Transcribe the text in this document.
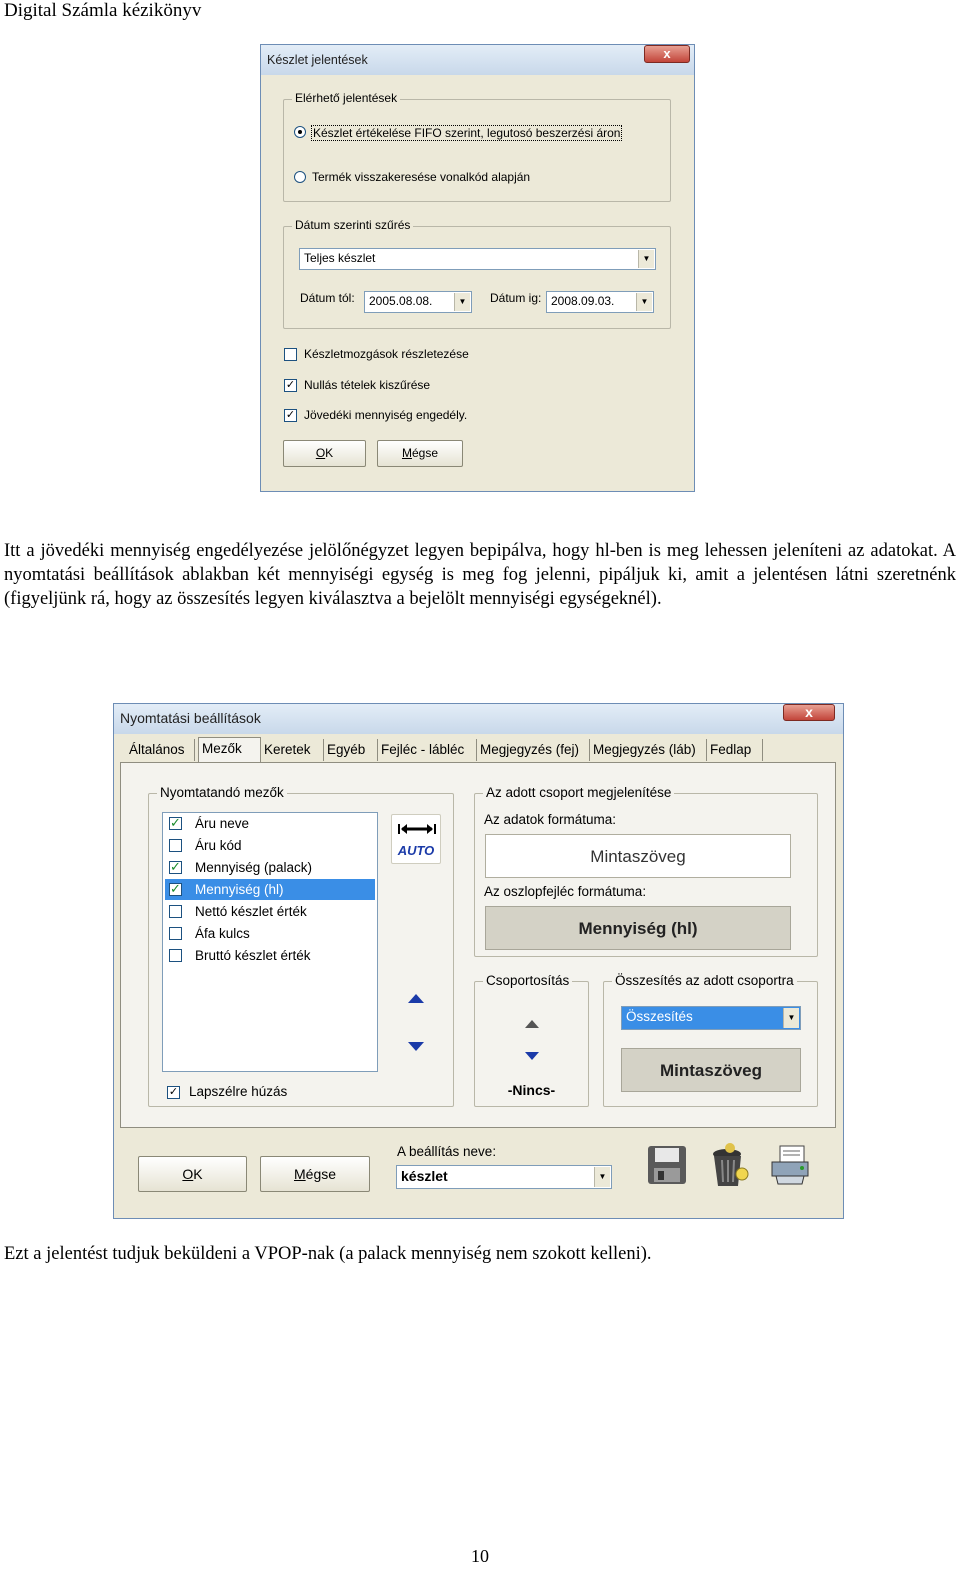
Digital Számla kézikönyv
Készlet jelentések	x
Elérhető jelentések
Készlet értékelése FIFO szerint, legutosó beszerzési áron
Termék visszakeresése vonalkód alapján
Dátum szerinti szűrés
Teljes készlet	▼
Dátum tól:	2005.08.08.	▼ Dátum ig: 2008.09.03.	▼
Készletmozgások részletezése
✓ Nullás tételek kiszűrése
✓ Jövedéki mennyiség engedély.
OK	Mégse

Itt a jövedéki mennyiség engedélyezése jelölőnégyzet legyen bepipálva, hogy hl-ben is meg lehessen jeleníteni az adatokat. A nyomtatási beállítások ablakban két mennyiségi egység is meg fog jelenni, pipáljuk ki, amit a jelentésen látni szeretnénk (figyeljünk rá, hogy az összesítés legyen kiválasztva a bejelölt mennyiségi egységeknél).

Nyomtatási beállítások	x
Általános	Mezők	Keretek	Egyéb	Fejléc - lábléc	Megjegyzés (fej)	Megjegyzés (láb)	Fedlap
Nyomtatandó mezők
✓ Áru neve
Áru kód
✓ Mennyiség (palack)
✓ Mennyiség (hl)
Nettó készlet érték
Áfa kulcs
Bruttó készlet érték
AUTO
✓ Lapszélre húzás
Az adott csoport megjelenítése
Az adatok formátuma:
Mintaszöveg
Az oszlopfejléc formátuma:
Mennyiség (hl)
Csoportosítás
-Nincs-
Összesítés az adott csoportra
Összesítés	▼
Mintaszöveg
OK	Mégse
A beállítás neve:
készlet	▼

Ezt a jelentést tudjuk beküldeni a VPOP-nak (a palack mennyiség nem szokott kelleni).

10
